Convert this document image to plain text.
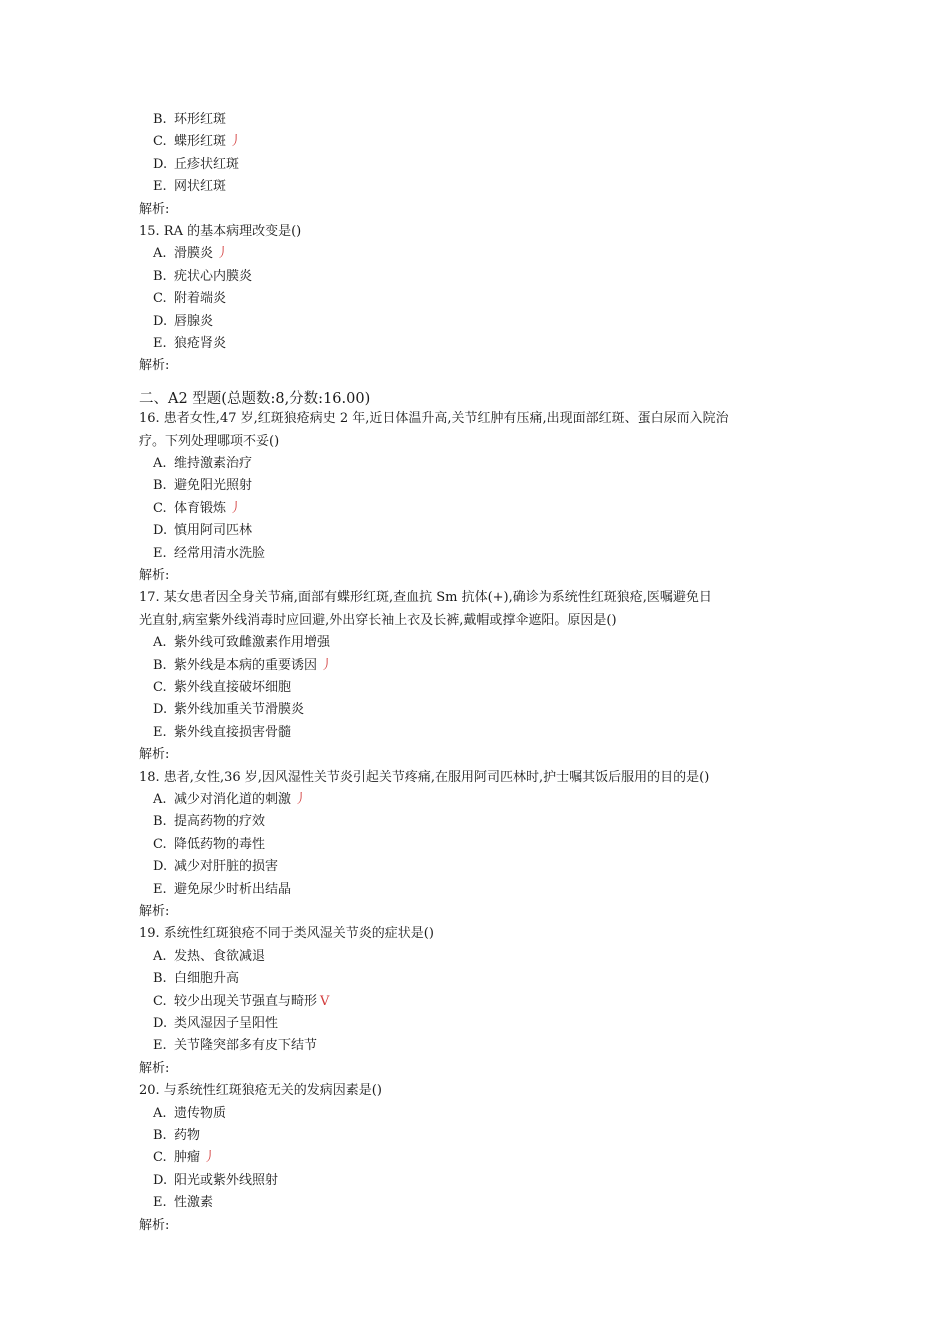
B. 环形红斑
C. 蝶形红斑 丿
D. 丘疹状红斑
E. 网状红斑
解析:
15. RA 的基本病理改变是()
A. 滑膜炎 丿
B. 疣状心内膜炎
C. 附着端炎
D. 唇腺炎
E. 狼疮肾炎
解析:
二、A2 型题(总题数:8,分数:16.00)
16. 患者女性,47 岁,红斑狼疮病史 2 年,近日体温升高,关节红肿有压痛,出现面部红斑、蛋白尿而入院治
疗。下列处理哪项不妥()
A. 维持激素治疗
B. 避免阳光照射
C. 体育锻炼 丿
D. 慎用阿司匹林
E. 经常用清水洗脸
解析:
17. 某女患者因全身关节痛,面部有蝶形红斑,查血抗 Sm 抗体(+),确诊为系统性红斑狼疮,医嘱避免日
光直射,病室紫外线消毒时应回避,外出穿长袖上衣及长裤,戴帽或撑伞遮阳。原因是()
A. 紫外线可致雌激素作用增强
B. 紫外线是本病的重要诱因 丿
C. 紫外线直接破坏细胞
D. 紫外线加重关节滑膜炎
E. 紫外线直接损害骨髓
解析:
18. 患者,女性,36 岁,因风湿性关节炎引起关节疼痛,在服用阿司匹林时,护士嘱其饭后服用的目的是()
A. 减少对消化道的刺激 丿
B. 提高药物的疗效
C. 降低药物的毒性
D. 减少对肝脏的损害
E. 避免尿少时析出结晶
解析:
19. 系统性红斑狼疮不同于类风湿关节炎的症状是()
A. 发热、食欲减退
B. 白细胞升高
C. 较少出现关节强直与畸形 V
D. 类风湿因子呈阳性
E. 关节隆突部多有皮下结节
解析:
20. 与系统性红斑狼疮无关的发病因素是()
A. 遗传物质
B. 药物
C. 肿瘤 丿
D. 阳光或紫外线照射
E. 性激素
解析:
